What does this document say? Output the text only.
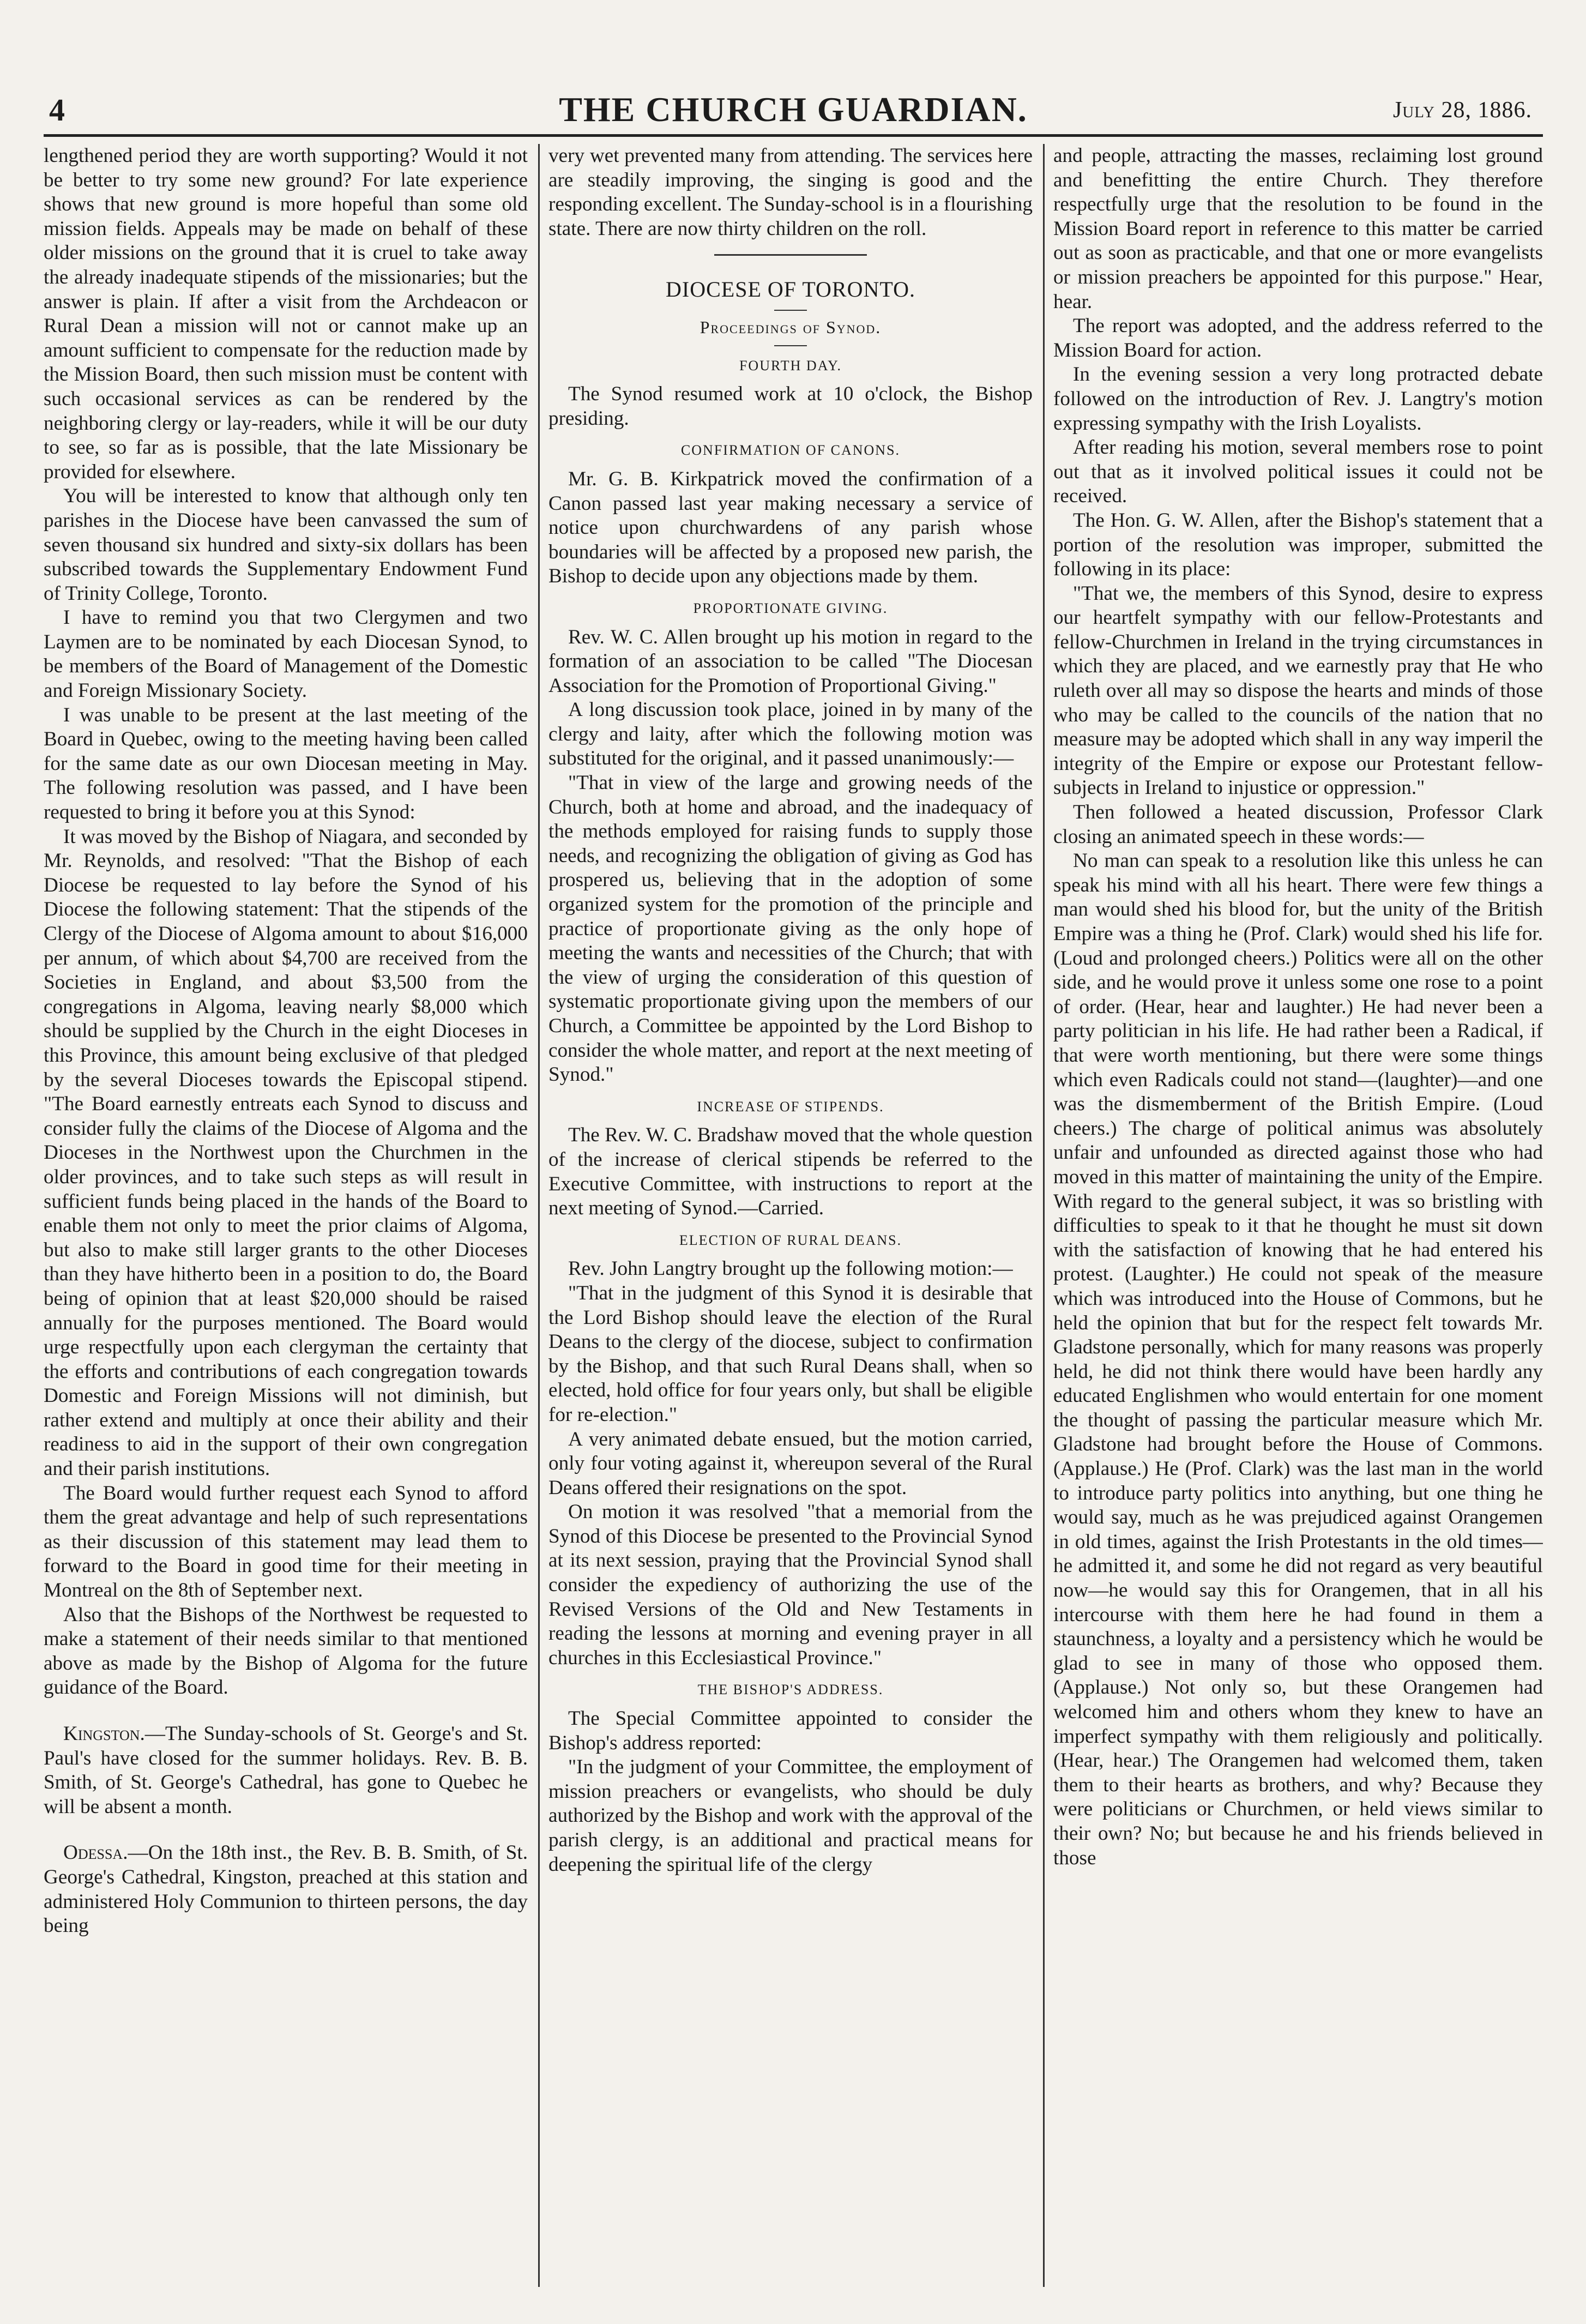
4	THE CHURCH GUARDIAN.	July 28, 1886.

lengthened period they are worth supporting? Would it not be better to try some new ground? For late experience shows that new ground is more hopeful than some old mission fields. Appeals may be made on behalf of these older missions on the ground that it is cruel to take away the already inadequate stipends of the missionaries; but the answer is plain. If after a visit from the Archdeacon or Rural Dean a mission will not or cannot make up an amount sufficient to compensate for the reduction made by the Mission Board, then such mission must be content with such occasional services as can be rendered by the neighboring clergy or lay-readers, while it will be our duty to see, so far as is possible, that the late Missionary be provided for elsewhere.

You will be interested to know that although only ten parishes in the Diocese have been canvassed the sum of seven thousand six hundred and sixty-six dollars has been subscribed towards the Supplementary Endowment Fund of Trinity College, Toronto.

I have to remind you that two Clergymen and two Laymen are to be nominated by each Diocesan Synod, to be members of the Board of Management of the Domestic and Foreign Missionary Society.

I was unable to be present at the last meeting of the Board in Quebec, owing to the meeting having been called for the same date as our own Diocesan meeting in May. The following resolution was passed, and I have been requested to bring it before you at this Synod:

It was moved by the Bishop of Niagara, and seconded by Mr. Reynolds, and resolved: "That the Bishop of each Diocese be requested to lay before the Synod of his Diocese the following statement: That the stipends of the Clergy of the Diocese of Algoma amount to about $16,000 per annum, of which about $4,700 are received from the Societies in England, and about $3,500 from the congregations in Algoma, leaving nearly $8,000 which should be supplied by the Church in the eight Dioceses in this Province, this amount being exclusive of that pledged by the several Dioceses towards the Episcopal stipend. "The Board earnestly entreats each Synod to discuss and consider fully the claims of the Diocese of Algoma and the Dioceses in the Northwest upon the Churchmen in the older provinces, and to take such steps as will result in sufficient funds being placed in the hands of the Board to enable them not only to meet the prior claims of Algoma, but also to make still larger grants to the other Dioceses than they have hitherto been in a position to do, the Board being of opinion that at least $20,000 should be raised annually for the purposes mentioned. The Board would urge respectfully upon each clergyman the certainty that the efforts and contributions of each congregation towards Domestic and Foreign Missions will not diminish, but rather extend and multiply at once their ability and their readiness to aid in the support of their own congregation and their parish institutions.

The Board would further request each Synod to afford them the great advantage and help of such representations as their discussion of this statement may lead them to forward to the Board in good time for their meeting in Montreal on the 8th of September next.

Also that the Bishops of the Northwest be requested to make a statement of their needs similar to that mentioned above as made by the Bishop of Algoma for the future guidance of the Board.

Kingston.—The Sunday-schools of St. George's and St. Paul's have closed for the summer holidays. Rev. B. B. Smith, of St. George's Cathedral, has gone to Quebec he will be absent a month.

Odessa.—On the 18th inst., the Rev. B. B. Smith, of St. George's Cathedral, Kingston, preached at this station and administered Holy Communion to thirteen persons, the day being

very wet prevented many from attending. The services here are steadily improving, the singing is good and the responding excellent. The Sunday-school is in a flourishing state. There are now thirty children on the roll.

DIOCESE OF TORONTO.
Proceedings of Synod.
FOURTH DAY.

The Synod resumed work at 10 o'clock, the Bishop presiding.

CONFIRMATION OF CANONS.

Mr. G. B. Kirkpatrick moved the confirmation of a Canon passed last year making necessary a service of notice upon churchwardens of any parish whose boundaries will be affected by a proposed new parish, the Bishop to decide upon any objections made by them.

PROPORTIONATE GIVING.

Rev. W. C. Allen brought up his motion in regard to the formation of an association to be called "The Diocesan Association for the Promotion of Proportional Giving."

A long discussion took place, joined in by many of the clergy and laity, after which the following motion was substituted for the original, and it passed unanimously:—

"That in view of the large and growing needs of the Church, both at home and abroad, and the inadequacy of the methods employed for raising funds to supply those needs, and recognizing the obligation of giving as God has prospered us, believing that in the adoption of some organized system for the promotion of the principle and practice of proportionate giving as the only hope of meeting the wants and necessities of the Church; that with the view of urging the consideration of this question of systematic proportionate giving upon the members of our Church, a Committee be appointed by the Lord Bishop to consider the whole matter, and report at the next meeting of Synod."

INCREASE OF STIPENDS.

The Rev. W. C. Bradshaw moved that the whole question of the increase of clerical stipends be referred to the Executive Committee, with instructions to report at the next meeting of Synod.—Carried.

ELECTION OF RURAL DEANS.

Rev. John Langtry brought up the following motion:—

"That in the judgment of this Synod it is desirable that the Lord Bishop should leave the election of the Rural Deans to the clergy of the diocese, subject to confirmation by the Bishop, and that such Rural Deans shall, when so elected, hold office for four years only, but shall be eligible for re-election."

A very animated debate ensued, but the motion carried, only four voting against it, whereupon several of the Rural Deans offered their resignations on the spot.

On motion it was resolved "that a memorial from the Synod of this Diocese be presented to the Provincial Synod at its next session, praying that the Provincial Synod shall consider the expediency of authorizing the use of the Revised Versions of the Old and New Testaments in reading the lessons at morning and evening prayer in all churches in this Ecclesiastical Province."

THE BISHOP'S ADDRESS.

The Special Committee appointed to consider the Bishop's address reported:

"In the judgment of your Committee, the employment of mission preachers or evangelists, who should be duly authorized by the Bishop and work with the approval of the parish clergy, is an additional and practical means for deepening the spiritual life of the clergy

and people, attracting the masses, reclaiming lost ground and benefitting the entire Church. They therefore respectfully urge that the resolution to be found in the Mission Board report in reference to this matter be carried out as soon as practicable, and that one or more evangelists or mission preachers be appointed for this purpose." Hear, hear.

The report was adopted, and the address referred to the Mission Board for action.

In the evening session a very long protracted debate followed on the introduction of Rev. J. Langtry's motion expressing sympathy with the Irish Loyalists.

After reading his motion, several members rose to point out that as it involved political issues it could not be received.

The Hon. G. W. Allen, after the Bishop's statement that a portion of the resolution was improper, submitted the following in its place:

"That we, the members of this Synod, desire to express our heartfelt sympathy with our fellow-Protestants and fellow-Churchmen in Ireland in the trying circumstances in which they are placed, and we earnestly pray that He who ruleth over all may so dispose the hearts and minds of those who may be called to the councils of the nation that no measure may be adopted which shall in any way imperil the integrity of the Empire or expose our Protestant fellow-subjects in Ireland to injustice or oppression."

Then followed a heated discussion, Professor Clark closing an animated speech in these words:—

No man can speak to a resolution like this unless he can speak his mind with all his heart. There were few things a man would shed his blood for, but the unity of the British Empire was a thing he (Prof. Clark) would shed his life for. (Loud and prolonged cheers.) Politics were all on the other side, and he would prove it unless some one rose to a point of order. (Hear, hear and laughter.) He had never been a party politician in his life. He had rather been a Radical, if that were worth mentioning, but there were some things which even Radicals could not stand—(laughter)—and one was the dismemberment of the British Empire. (Loud cheers.) The charge of political animus was absolutely unfair and unfounded as directed against those who had moved in this matter of maintaining the unity of the Empire. With regard to the general subject, it was so bristling with difficulties to speak to it that he thought he must sit down with the satisfaction of knowing that he had entered his protest. (Laughter.) He could not speak of the measure which was introduced into the House of Commons, but he held the opinion that but for the respect felt towards Mr. Gladstone personally, which for many reasons was properly held, he did not think there would have been hardly any educated Englishmen who would entertain for one moment the thought of passing the particular measure which Mr. Gladstone had brought before the House of Commons. (Applause.) He (Prof. Clark) was the last man in the world to introduce party politics into anything, but one thing he would say, much as he was prejudiced against Orangemen in old times, against the Irish Protestants in the old times—he admitted it, and some he did not regard as very beautiful now—he would say this for Orangemen, that in all his intercourse with them here he had found in them a staunchness, a loyalty and a persistency which he would be glad to see in many of those who opposed them. (Applause.) Not only so, but these Orangemen had welcomed him and others whom they knew to have an imperfect sympathy with them religiously and politically. (Hear, hear.) The Orangemen had welcomed them, taken them to their hearts as brothers, and why? Because they were politicians or Churchmen, or held views similar to their own? No; but because he and his friends believed in those
